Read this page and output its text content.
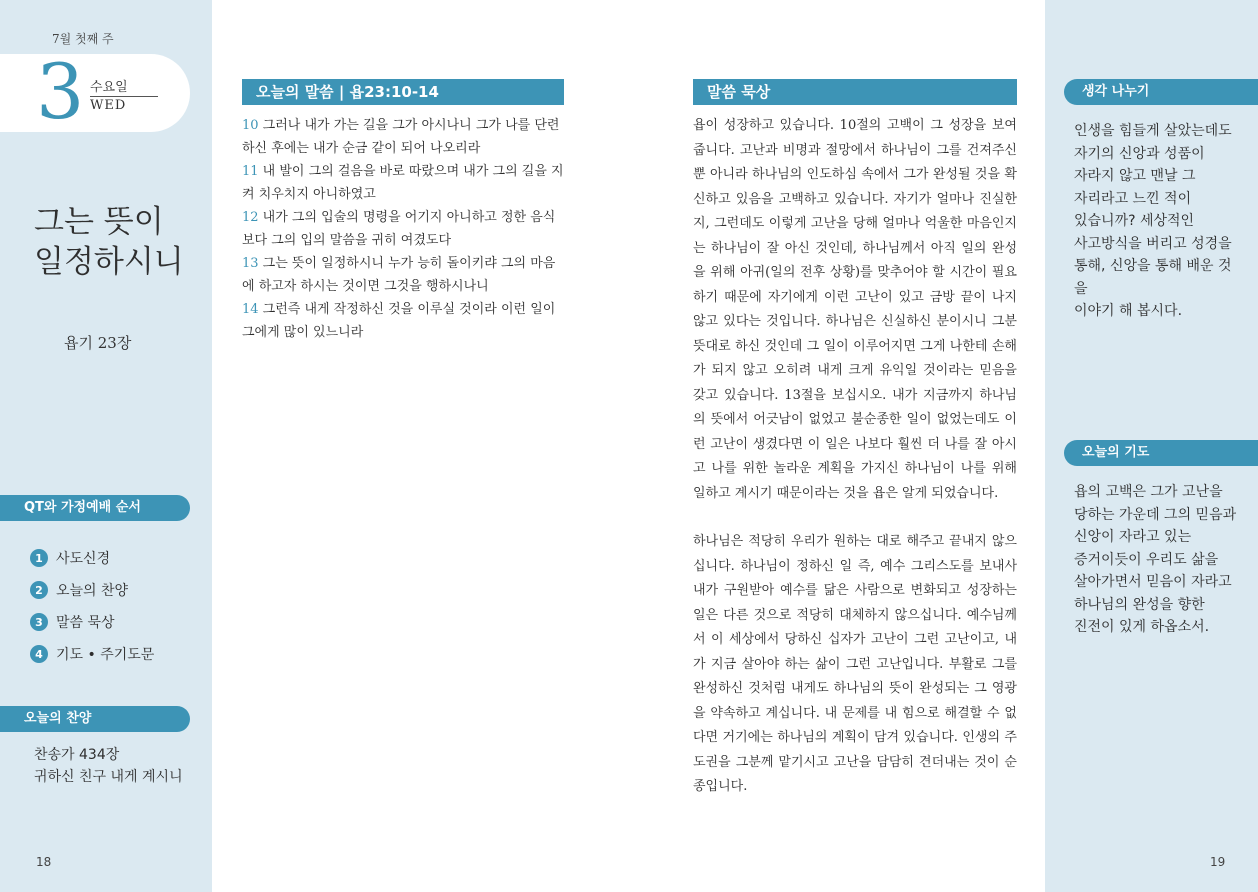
7월 첫째 주
3 수요일
WED
그는 뜻이
일정하시니
욥기 23장
QT와 가정예배 순서
1 사도신경
2 오늘의 찬양
3 말씀 묵상
4 기도 • 주기도문
오늘의 찬양
찬송가 434장
귀하신 친구 내게 계시니
18
오늘의 말씀 | 욥23:10-14
10 그러나 내가 가는 길을 그가 아시나니 그가 나를 단련하신 후에는 내가 순금 같이 되어 나오리라
11 내 발이 그의 걸음을 바로 따랐으며 내가 그의 길을 지켜 치우치지 아니하였고
12 내가 그의 입술의 명령을 어기지 아니하고 정한 음식보다 그의 입의 말씀을 귀히 여겼도다
13 그는 뜻이 일정하시니 누가 능히 돌이키랴 그의 마음에 하고자 하시는 것이면 그것을 행하시나니
14 그런즉 내게 작정하신 것을 이루실 것이라 이런 일이 그에게 많이 있느니라
말씀 묵상

욥이 성장하고 있습니다. 10절의 고백이 그 성장을 보여줍니다. 고난과 비명과 절망에서 하나님이 그를 건져주신 뿐 아니라 하나님의 인도하심 속에서 그가 완성될 것을 확신하고 있음을 고백하고 있습니다. 자기가 얼마나 진실한지, 그런데도 이렇게 고난을 당해 얼마나 억울한 마음인지는 하나님이 잘 아신 것인데, 하나님께서 아직 일의 완성을 위해 아귀(일의 전후 상황)를 맞추어야 할 시간이 필요하기 때문에 자기에게 이런 고난이 있고 금방 끝이 나지 않고 있다는 것입니다. 하나님은 신실하신 분이시니 그분 뜻대로 하신 것인데 그 일이 이루어지면 그게 나한테 손해가 되지 않고 오히려 내게 크게 유익일 것이라는 믿음을 갖고 있습니다. 13절을 보십시오. 내가 지금까지 하나님의 뜻에서 어긋남이 없었고 불순종한 일이 없었는데도 이런 고난이 생겼다면 이 일은 나보다 훨씬 더 나를 잘 아시고 나를 위한 놀라운 계획을 가지신 하나님이 나를 위해 일하고 계시기 때문이라는 것을 욥은 알게 되었습니다.

하나님은 적당히 우리가 원하는 대로 해주고 끝내지 않으십니다. 하나님이 정하신 일 즉, 예수 그리스도를 보내사 내가 구원받아 예수를 닮은 사람으로 변화되고 성장하는 일은 다른 것으로 적당히 대체하지 않으십니다. 예수님께서 이 세상에서 당하신 십자가 고난이 그런 고난이고, 내가 지금 살아야 하는 삶이 그런 고난입니다. 부활로 그를 완성하신 것처럼 내게도 하나님의 뜻이 완성되는 그 영광을 약속하고 계십니다. 내 문제를 내 힘으로 해결할 수 없다면 거기에는 하나님의 계획이 담겨 있습니다. 인생의 주도권을 그분께 맡기시고 고난을 담담히 견더내는 것이 순종입니다.

생각 나누기
인생을 힘들게 살았는데도
자기의 신앙과 성품이
자라지 않고 맨날 그
자리라고 느낀 적이
있습니까? 세상적인
사고방식을 버리고 성경을
통해, 신앙을 통해 배운 것을
이야기 해 봅시다.
오늘의 기도
욥의 고백은 그가 고난을
당하는 가운데 그의 믿음과
신앙이 자라고 있는
증거이듯이 우리도 삶을
살아가면서 믿음이 자라고
하나님의 완성을 향한
진전이 있게 하옵소서.
19
